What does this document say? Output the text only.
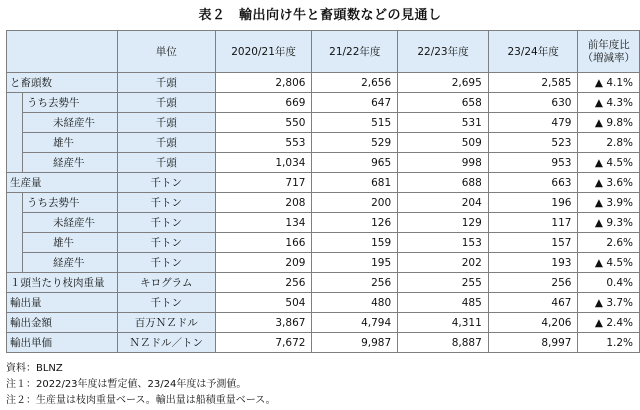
表２　輸出向け牛と畜頭数などの見通し
		単位	2020/21年度	21/22年度	22/23年度	23/24年度	前年度比
（増減率）
と畜頭数		千頭	2,806	2,656	2,695	2,585	▲ 4.1%
	うち去勢牛	千頭	669	647	658	630	▲ 4.3%
	未経産牛	千頭	550	515	531	479	▲ 9.8%
	雄牛	千頭	553	529	509	523	2.8%
	経産牛	千頭	1,034	965	998	953	▲ 4.5%
生産量		千トン	717	681	688	663	▲ 3.6%
	うち去勢牛	千トン	208	200	204	196	▲ 3.9%
	未経産牛	千トン	134	126	129	117	▲ 9.3%
	雄牛	千トン	166	159	153	157	2.6%
	経産牛	千トン	209	195	202	193	▲ 4.5%
１頭当たり枝肉重量		キログラム	256	256	255	256	0.4%
輸出量		千トン	504	480	485	467	▲ 3.7%
輸出金額		百万ＮＺドル	3,867	4,794	4,311	4,206	▲ 2.4%
輸出単価		ＮＺドル／トン	7,672	9,987	8,887	8,997	1.2%
資料：BLNZ
注１：2022/23年度は暫定値、23/24年度は予測値。
注２：生産量は枝肉重量ベース。輸出量は船積重量ベース。
